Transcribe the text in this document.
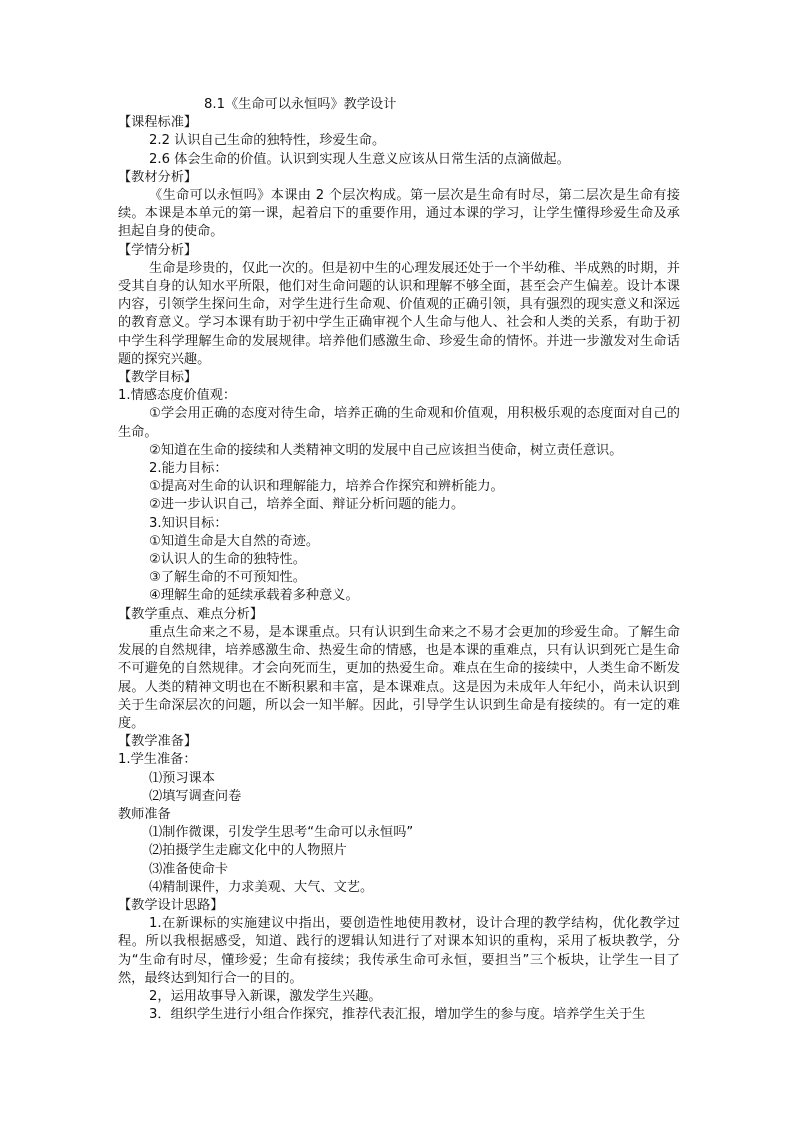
8.1《生命可以永恒吗》教学设计
【课程标准】
2.2 认识自己生命的独特性，珍爱生命。
2.6 体会生命的价值。认识到实现人生意义应该从日常生活的点滴做起。
【教材分析】
《生命可以永恒吗》本课由 2 个层次构成。第一层次是生命有时尽，第二层次是生命有接续。本课是本单元的第一课，起着启下的重要作用，通过本课的学习，让学生懂得珍爱生命及承担起自身的使命。
【学情分析】
生命是珍贵的，仅此一次的。但是初中生的心理发展还处于一个半幼稚、半成熟的时期，并受其自身的认知水平所限，他们对生命问题的认识和理解不够全面，甚至会产生偏差。设计本课内容，引领学生探问生命，对学生进行生命观、价值观的正确引领，具有强烈的现实意义和深远的教育意义。学习本课有助于初中学生正确审视个人生命与他人、社会和人类的关系，有助于初中学生科学理解生命的发展规律。培养他们感激生命、珍爱生命的情怀。并进一步激发对生命话题的探究兴趣。
【教学目标】
1.情感态度价值观：
①学会用正确的态度对待生命，培养正确的生命观和价值观，用积极乐观的态度面对自己的生命。
②知道在生命的接续和人类精神文明的发展中自己应该担当使命，树立责任意识。
2.能力目标：
①提高对生命的认识和理解能力，培养合作探究和辨析能力。
②进一步认识自己，培养全面、辩证分析问题的能力。
3.知识目标：
①知道生命是大自然的奇迹。
②认识人的生命的独特性。
③了解生命的不可预知性。
④理解生命的延续承载着多种意义。
【教学重点、难点分析】
重点生命来之不易，是本课重点。只有认识到生命来之不易才会更加的珍爱生命。了解生命发展的自然规律，培养感激生命、热爱生命的情感，也是本课的重难点，只有认识到死亡是生命不可避免的自然规律。才会向死而生，更加的热爱生命。难点在生命的接续中，人类生命不断发展。人类的精神文明也在不断积累和丰富，是本课难点。这是因为未成年人年纪小，尚未认识到关于生命深层次的问题，所以会一知半解。因此，引导学生认识到生命是有接续的。有一定的难度。
【教学准备】
1.学生准备：
⑴预习课本
⑵填写调查问卷
教师准备
⑴制作微课，引发学生思考“生命可以永恒吗”
⑵拍摄学生走廊文化中的人物照片
⑶准备使命卡
⑷精制课件，力求美观、大气、文艺。
【教学设计思路】
1.在新课标的实施建议中指出，要创造性地使用教材，设计合理的教学结构，优化教学过程。所以我根据感受，知道、践行的逻辑认知进行了对课本知识的重构，采用了板块教学，分为“生命有时尽，懂珍爱；生命有接续；我传承生命可永恒，要担当”三个板块，让学生一目了然，最终达到知行合一的目的。
2，运用故事导入新课，激发学生兴趣。
3．组织学生进行小组合作探究，推荐代表汇报，增加学生的参与度。培养学生关于生
